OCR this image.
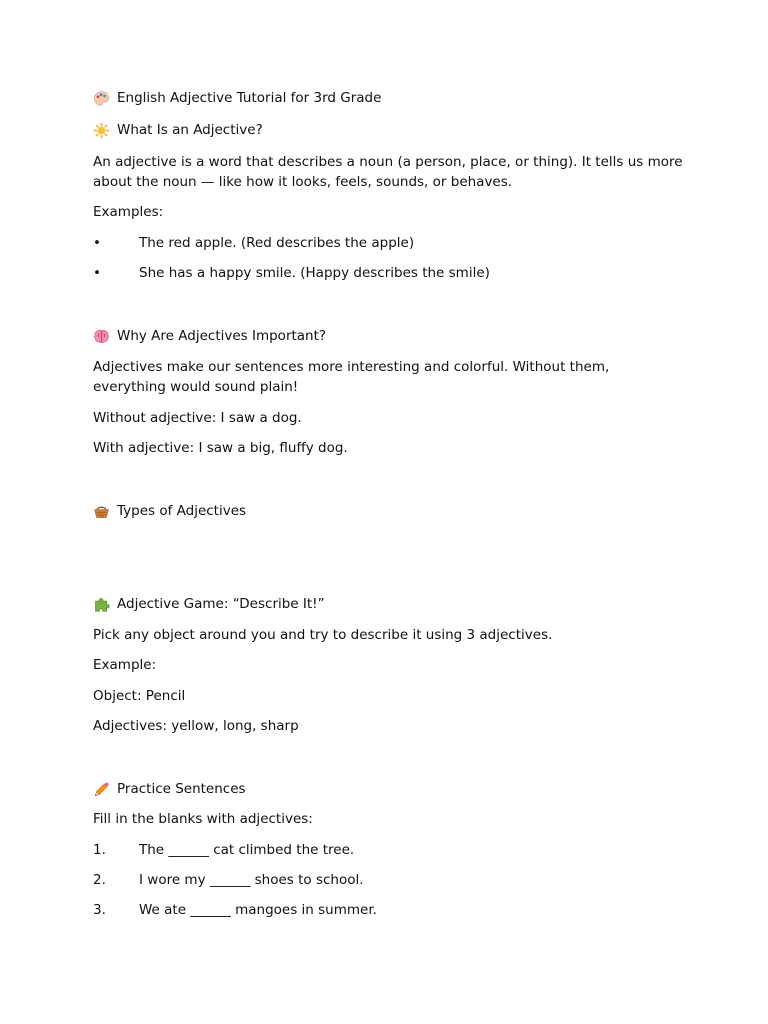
English Adjective Tutorial for 3rd Grade
What Is an Adjective?
An adjective is a word that describes a noun (a person, place, or thing). It tells us more about the noun — like how it looks, feels, sounds, or behaves.
Examples:
•	The red apple. (Red describes the apple)
•	She has a happy smile. (Happy describes the smile)
Why Are Adjectives Important?
Adjectives make our sentences more interesting and colorful. Without them, everything would sound plain!
Without adjective: I saw a dog.
With adjective: I saw a big, fluffy dog.
Types of Adjectives
Adjective Game: “Describe It!”
Pick any object around you and try to describe it using 3 adjectives.
Example:
Object: Pencil
Adjectives: yellow, long, sharp
Practice Sentences
Fill in the blanks with adjectives:
1.	The ______ cat climbed the tree.
2.	I wore my ______ shoes to school.
3.	We ate ______ mangoes in summer.
